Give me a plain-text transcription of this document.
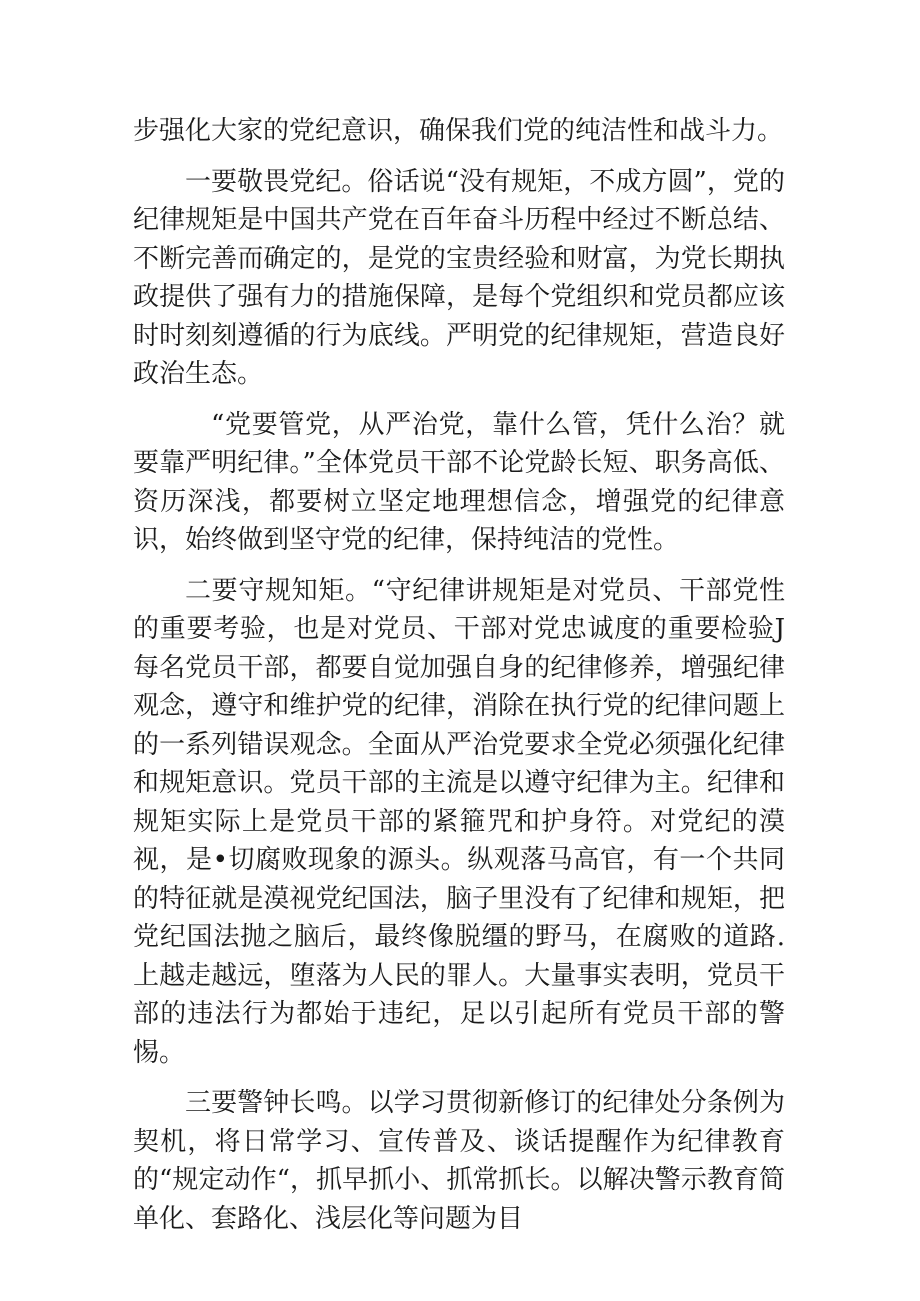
步强化大家的党纪意识，确保我们党的纯洁性和战斗力。

一要敬畏党纪。俗话说“没有规矩，不成方圆”，党的纪律规矩是中国共产党在百年奋斗历程中经过不断总结、不断完善而确定的，是党的宝贵经验和财富，为党长期执政提供了强有力的措施保障，是每个党组织和党员都应该时时刻刻遵循的行为底线。严明党的纪律规矩，营造良好政治生态。

“党要管党，从严治党，靠什么管，凭什么治？就要靠严明纪律。”全体党员干部不论党龄长短、职务高低、资历深浅，都要树立坚定地理想信念，增强党的纪律意识，始终做到坚守党的纪律，保持纯洁的党性。

二要守规知矩。“守纪律讲规矩是对党员、干部党性的重要考验，也是对党员、干部对党忠诚度的重要检验J每名党员干部，都要自觉加强自身的纪律修养，增强纪律观念，遵守和维护党的纪律，消除在执行党的纪律问题上的一系列错误观念。全面从严治党要求全党必须强化纪律和规矩意识。党员干部的主流是以遵守纪律为主。纪律和规矩实际上是党员干部的紧箍咒和护身符。对党纪的漠视，是•切腐败现象的源头。纵观落马高官，有一个共同的特征就是漠视党纪国法，脑子里没有了纪律和规矩，把党纪国法抛之脑后，最终像脱缰的野马，在腐败的道路.上越走越远，堕落为人民的罪人。大量事实表明，党员干部的违法行为都始于违纪，足以引起所有党员干部的警惕。

三要警钟长鸣。以学习贯彻新修订的纪律处分条例为契机，将日常学习、宣传普及、谈话提醒作为纪律教育的“规定动作“，抓早抓小、抓常抓长。以解决警示教育简单化、套路化、浅层化等问题为目
